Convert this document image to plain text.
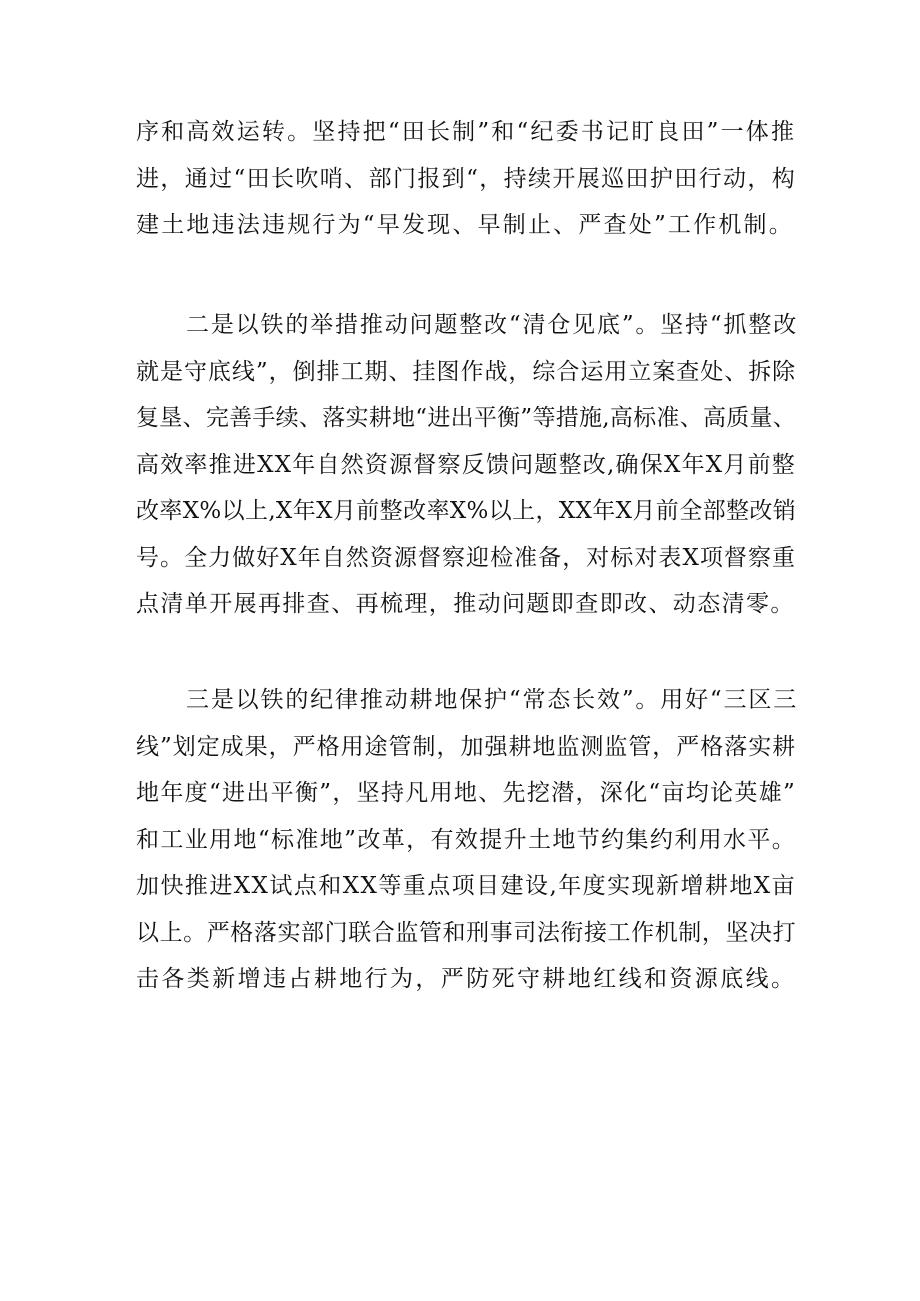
序和高效运转。坚持把“田长制”和“纪委书记盯良田”一体推
进，通过“田长吹哨、部门报到“，持续开展巡田护田行动，构
建土地违法违规行为“早发现、早制止、严查处”工作机制。

二是以铁的举措推动问题整改“清仓见底”。坚持“抓整改
就是守底线”，倒排工期、挂图作战，综合运用立案查处、拆除
复垦、完善手续、落实耕地“进出平衡”等措施,高标准、高质量、
高效率推进XX年自然资源督察反馈问题整改,确保X年X月前整
改率X%以上,X年X月前整改率X%以上，XX年X月前全部整改销
号。全力做好X年自然资源督察迎检准备，对标对表X项督察重
点清单开展再排查、再梳理，推动问题即查即改、动态清零。

三是以铁的纪律推动耕地保护“常态长效”。用好“三区三
线”划定成果，严格用途管制，加强耕地监测监管，严格落实耕
地年度“进出平衡”，坚持凡用地、先挖潜，深化“亩均论英雄”
和工业用地“标准地”改革，有效提升土地节约集约利用水平。
加快推进XX试点和XX等重点项目建设,年度实现新增耕地X亩
以上。严格落实部门联合监管和刑事司法衔接工作机制，坚决打
击各类新增违占耕地行为，严防死守耕地红线和资源底线。
